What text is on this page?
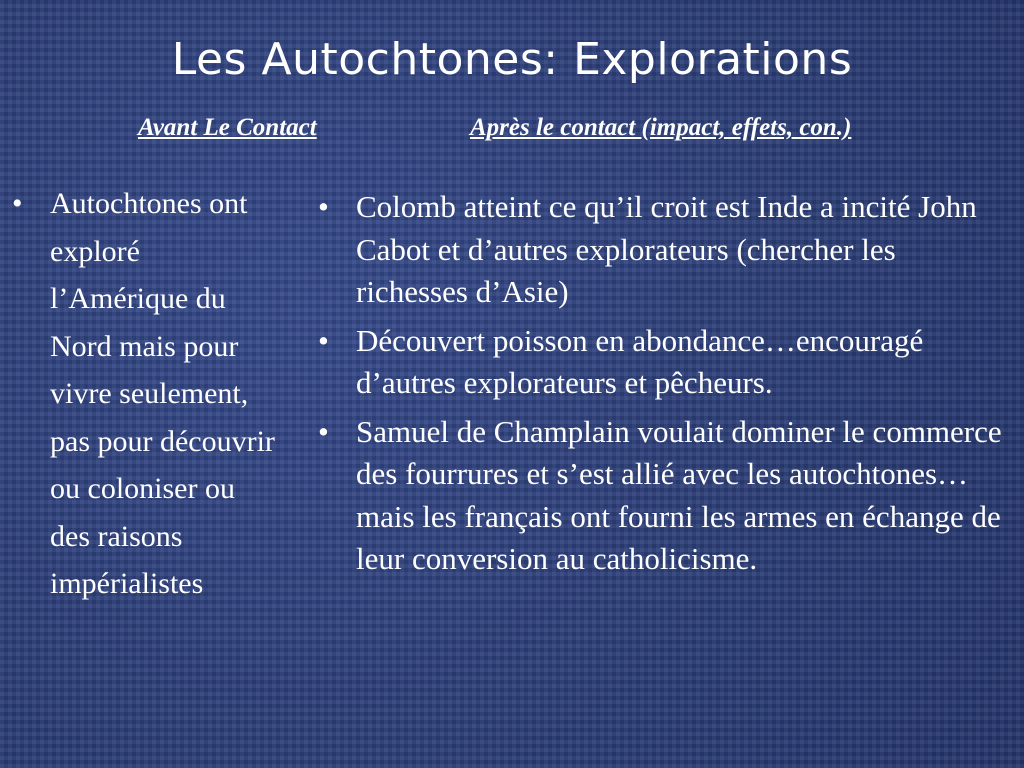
Les Autochtones: Explorations
Avant Le Contact	Après le contact (impact, effets, con.)
• Autochtones ont exploré l’Amérique du Nord mais pour vivre seulement, pas pour découvrir ou coloniser ou des raisons impérialistes
• Colomb atteint ce qu’il croit est Inde a incité John Cabot et d’autres explorateurs (chercher les richesses d’Asie)
• Découvert poisson en abondance…encouragé d’autres explorateurs et pêcheurs.
• Samuel de Champlain voulait dominer le commerce des fourrures et s’est allié avec les autochtones…mais les français ont fourni les armes en échange de leur conversion au catholicisme.
